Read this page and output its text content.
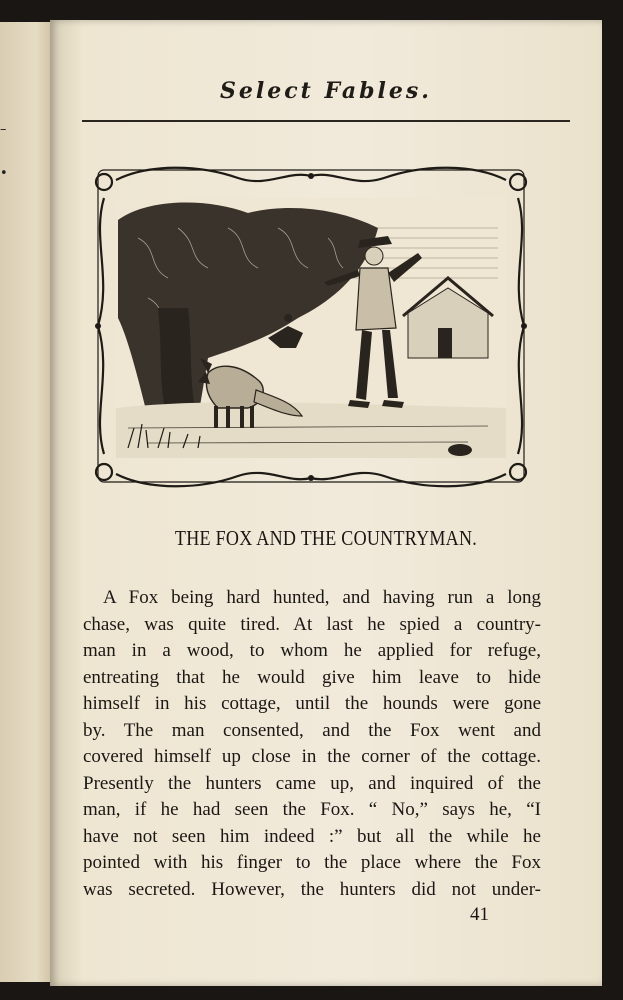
–
•
Select Fables.
THE FOX AND THE COUNTRYMAN.
A Fox being hard hunted, and having run a long
chase, was quite tired. At last he spied a country-
man in a wood, to whom he applied for refuge,
entreating that he would give him leave to hide
himself in his cottage, until the hounds were gone
by. The man consented, and the Fox went and
covered himself up close in the corner of the cottage.
Presently the hunters came up, and inquired of the
man, if he had seen the Fox. “ No,” says he, “I
have not seen him indeed :” but all the while he
pointed with his finger to the place where the Fox
was secreted. However, the hunters did not under-
41
